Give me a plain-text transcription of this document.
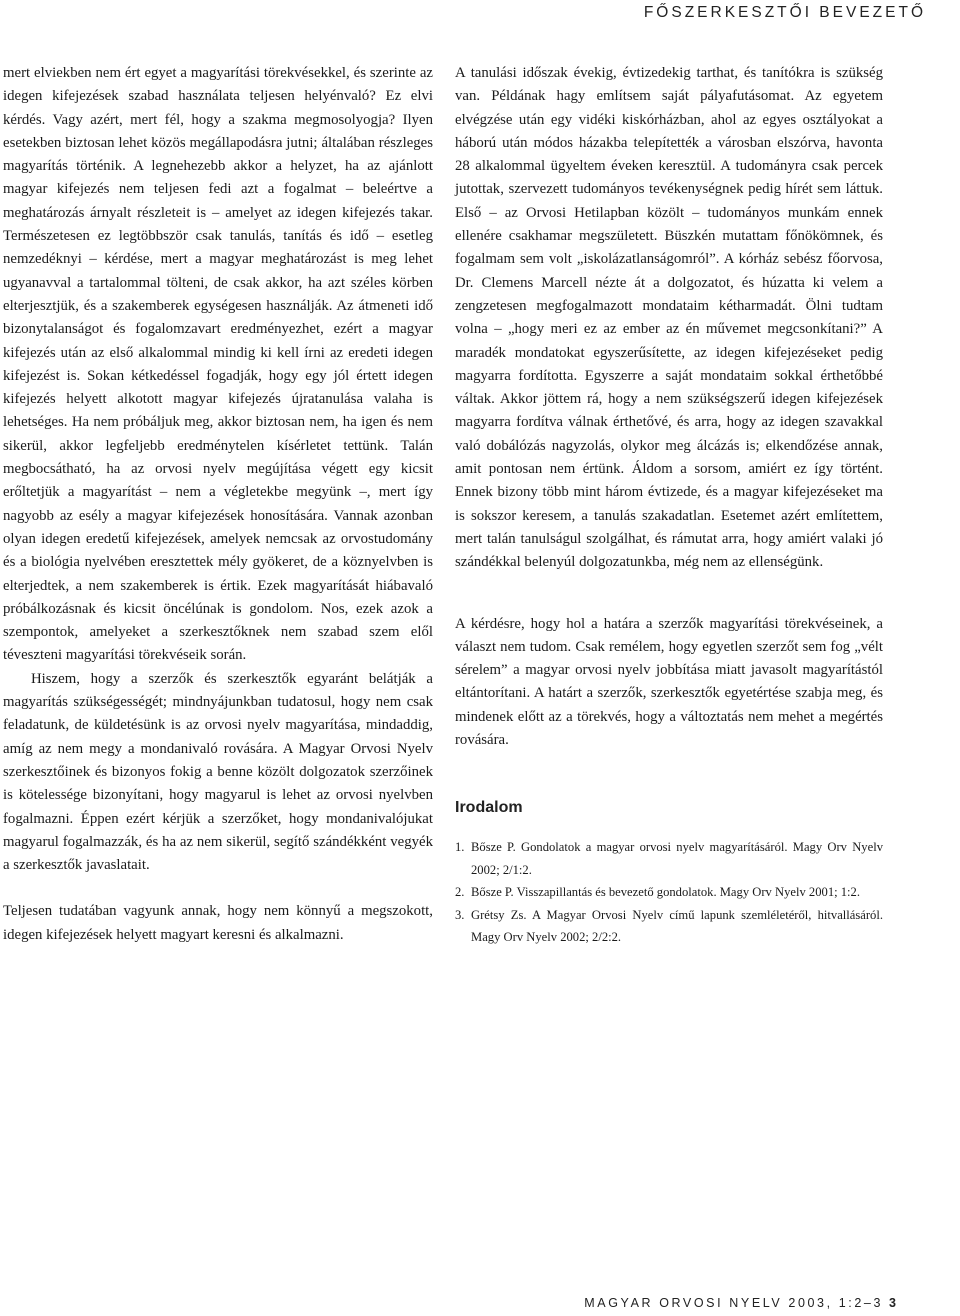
FŐSZERKESZTŐI BEVEZETŐ

mert elviekben nem ért egyet a magyarítási törekvésekkel, és szerinte az idegen kifejezések szabad használata teljesen helyénvaló? Ez elvi kérdés. Vagy azért, mert fél, hogy a szakma megmosolyogja? Ilyen esetekben biztosan lehet közös megállapodásra jutni; általában részleges magyarítás történik. A legnehezebb akkor a helyzet, ha az ajánlott magyar kifejezés nem teljesen fedi azt a fogalmat – beleértve a meghatározás árnyalt részleteit is – amelyet az idegen kifejezés takar. Természetesen ez legtöbbször csak tanulás, tanítás és idő – esetleg nemzedéknyi – kérdése, mert a magyar meghatározást is meg lehet ugyanavval a tartalommal tölteni, de csak akkor, ha azt széles körben elterjesztjük, és a szakemberek egységesen használják. Az átmeneti idő bizonytalanságot és fogalomzavart eredményezhet, ezért a magyar kifejezés után az első alkalommal mindig ki kell írni az eredeti idegen kifejezést is. Sokan kétkedéssel fogadják, hogy egy jól értett idegen kifejezés helyett alkotott magyar kifejezés újratanulása valaha is lehetséges. Ha nem próbáljuk meg, akkor biztosan nem, ha igen és nem sikerül, akkor legfeljebb eredménytelen kísérletet tettünk. Talán megbocsátható, ha az orvosi nyelv megújítása végett egy kicsit erőltetjük a magyarítást – nem a végletekbe megyünk –, mert így nagyobb az esély a magyar kifejezések honosítására. Vannak azonban olyan idegen eredetű kifejezések, amelyek nemcsak az orvostudomány és a biológia nyelvében eresztettek mély gyökeret, de a köznyelvben is elterjedtek, a nem szakemberek is értik. Ezek magyarítását hiábavaló próbálkozásnak és kicsit öncélúnak is gondolom. Nos, ezek azok a szempontok, amelyeket a szerkesztőknek nem szabad szem elől téveszteni magyarítási törekvéseik során.

Hiszem, hogy a szerzők és szerkesztők egyaránt belátják a magyarítás szükségességét; mindnyájunkban tudatosul, hogy nem csak feladatunk, de küldetésünk is az orvosi nyelv magyarítása, mindaddig, amíg az nem megy a mondanivaló rovására. A Magyar Orvosi Nyelv szerkesztőinek és bizonyos fokig a benne közölt dolgozatok szerzőinek is kötelessége bizonyítani, hogy magyarul is lehet az orvosi nyelvben fogalmazni. Éppen ezért kérjük a szerzőket, hogy mondanivalójukat magyarul fogalmazzák, és ha az nem sikerül, segítő szándékként vegyék a szerkesztők javaslatait.

Teljesen tudatában vagyunk annak, hogy nem könnyű a megszokott, idegen kifejezések helyett magyart keresni és alkalmazni.

A tanulási időszak évekig, évtizedekig tarthat, és tanítókra is szükség van. Példának hagy említsem saját pályafutásomat. Az egyetem elvégzése után egy vidéki kiskórházban, ahol az egyes osztályokat a háború után módos házakba telepítették a városban elszórva, havonta 28 alkalommal ügyeltem éveken keresztül. A tudományra csak percek jutottak, szervezett tudományos tevékenységnek pedig hírét sem láttuk. Első – az Orvosi Hetilapban közölt – tudományos munkám ennek ellenére csakhamar megszületett. Büszkén mutattam főnökömnek, és fogalmam sem volt „iskolázatlanságomról”. A kórház sebész főorvosa, Dr. Clemens Marcell nézte át a dolgozatot, és húzatta ki velem a zengzetesen megfogalmazott mondataim kétharmadát. Ölni tudtam volna – „hogy meri ez az ember az én művemet megcsonkítani?” A maradék mondatokat egyszerűsítette, az idegen kifejezéseket pedig magyarra fordította. Egyszerre a saját mondataim sokkal érthetőbbé váltak. Akkor jöttem rá, hogy a nem szükségszerű idegen kifejezések magyarra fordítva válnak érthetővé, és arra, hogy az idegen szavakkal való dobálózás nagyzolás, olykor meg álcázás is; elkendőzése annak, amit pontosan nem értünk. Áldom a sorsom, amiért ez így történt. Ennek bizony több mint három évtizede, és a magyar kifejezéseket ma is sokszor keresem, a tanulás szakadatlan. Esetemet azért említettem, mert talán tanulságul szolgálhat, és rámutat arra, hogy amiért valaki jó szándékkal belenyúl dolgozatunkba, még nem az ellenségünk.

A kérdésre, hogy hol a határa a szerzők magyarítási törekvéseinek, a választ nem tudom. Csak remélem, hogy egyetlen szerzőt sem fog „vélt sérelem” a magyar orvosi nyelv jobbítása miatt javasolt magyarítástól eltántorítani. A határt a szerzők, szerkesztők egyetértése szabja meg, és mindenek előtt az a törekvés, hogy a változtatás nem mehet a megértés rovására.

Irodalom
1. Bősze P. Gondolatok a magyar orvosi nyelv magyarításáról. Magy Orv Nyelv 2002; 2/1:2.
2. Bősze P. Visszapillantás és bevezető gondolatok. Magy Orv Nyelv 2001; 1:2.
3. Grétsy Zs. A Magyar Orvosi Nyelv című lapunk szemléletéről, hitvallásáról. Magy Orv Nyelv 2002; 2/2:2.
MAGYAR ORVOSI NYELV 2003, 1:2–3 3
